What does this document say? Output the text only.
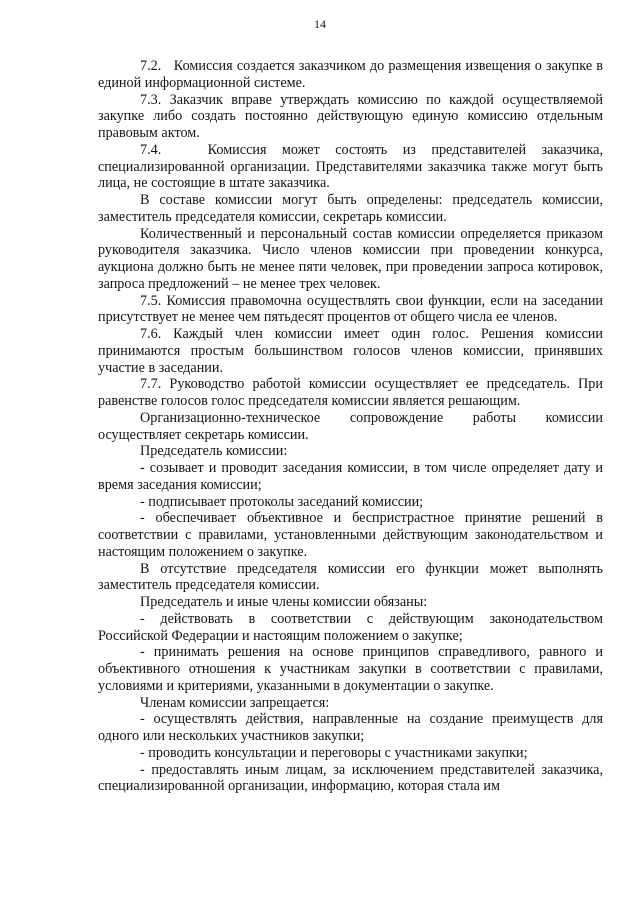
14

7.2.   Комиссия создается заказчиком до размещения извещения о закупке в единой информационной системе.

7.3. Заказчик вправе утверждать комиссию по каждой осуществляемой закупке либо создать постоянно действующую единую комиссию отдельным правовым актом.

7.4.   Комиссия может состоять из представителей заказчика, специализированной организации. Представителями заказчика также могут быть лица, не состоящие в штате заказчика.

В составе комиссии могут быть определены: председатель комиссии, заместитель председателя комиссии, секретарь комиссии.

Количественный и персональный состав комиссии определяется приказом руководителя заказчика. Число членов комиссии при проведении конкурса, аукциона должно быть не менее пяти человек, при проведении запроса котировок, запроса предложений – не менее трех человек.

7.5. Комиссия правомочна осуществлять свои функции, если на заседании присутствует не менее чем пятьдесят процентов от общего числа ее членов.

7.6. Каждый член комиссии имеет один голос. Решения комиссии принимаются простым большинством голосов членов комиссии, принявших участие в заседании.

7.7. Руководство работой комиссии осуществляет ее председатель. При равенстве голосов голос председателя комиссии является решающим.

Организационно-техническое сопровождение работы комиссии осуществляет секретарь комиссии.

Председатель комиссии:

- созывает и проводит заседания комиссии, в том числе определяет дату и время заседания комиссии;

- подписывает протоколы заседаний комиссии;

- обеспечивает объективное и беспристрастное принятие решений в соответствии с правилами, установленными действующим законодательством и настоящим положением о закупке.

В отсутствие председателя комиссии его функции может выполнять заместитель председателя комиссии.

Председатель и иные члены комиссии обязаны:

- действовать в соответствии с действующим законодательством Российской Федерации и настоящим положением о закупке;

- принимать решения на основе принципов справедливого, равного и объективного отношения к участникам закупки в соответствии с правилами, условиями и критериями, указанными в документации о закупке.

Членам комиссии запрещается:

- осуществлять действия, направленные на создание преимуществ для одного или нескольких участников закупки;

- проводить консультации и переговоры с участниками закупки;

- предоставлять иным лицам, за исключением представителей заказчика, специализированной организации, информацию, которая стала им
